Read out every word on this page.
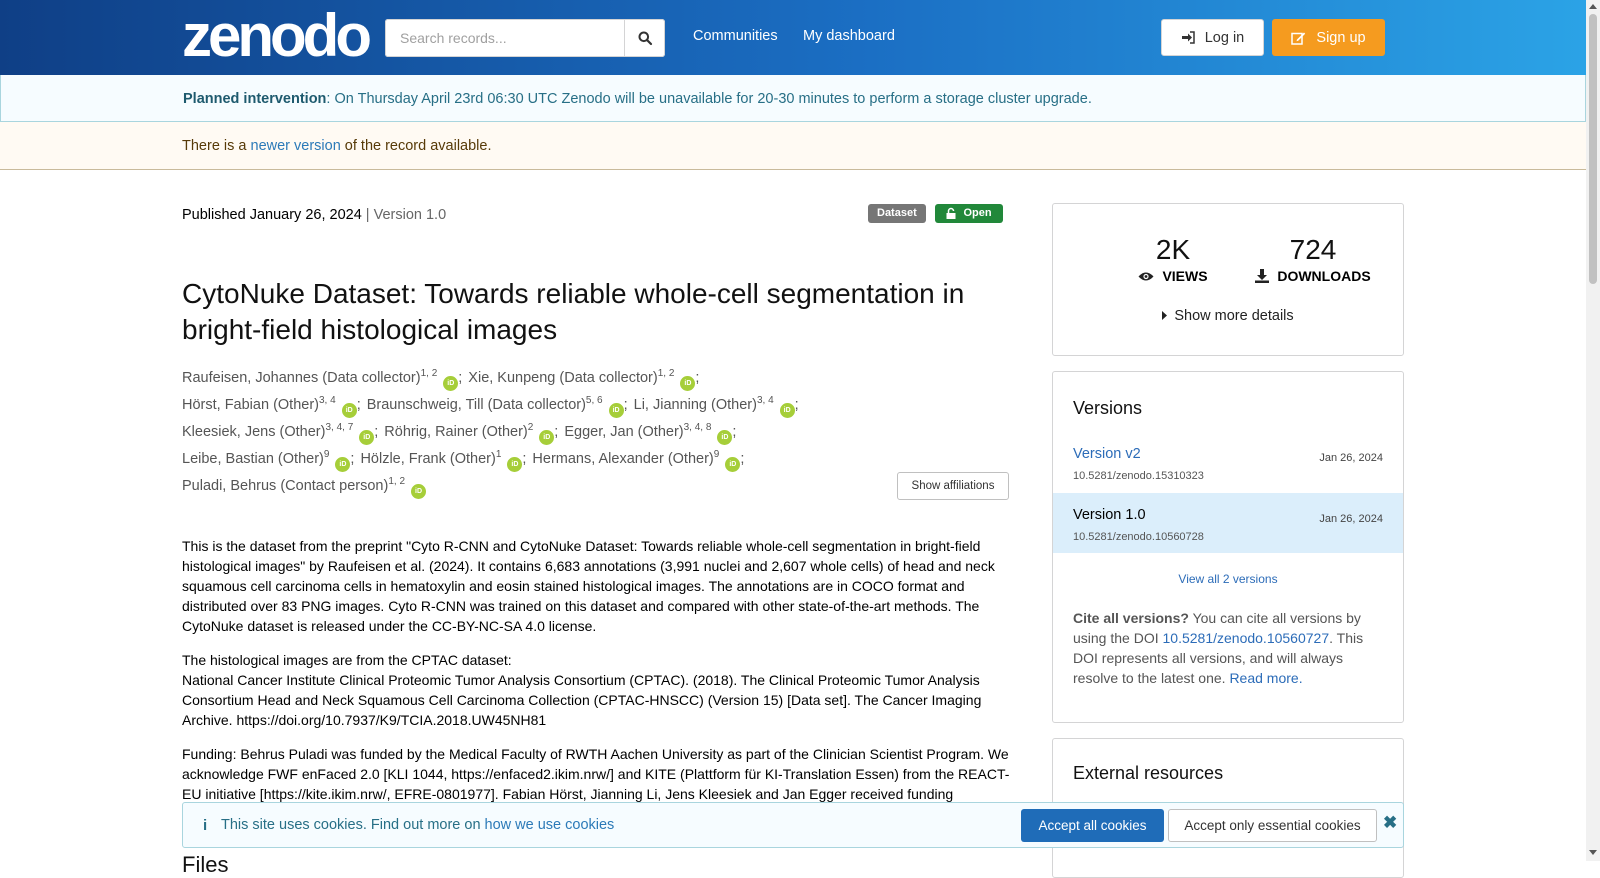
zenodo
Search records...	Communities My dashboard	Log in	Sign up
Planned intervention: On Thursday April 23rd 06:30 UTC Zenodo will be unavailable for 20-30 minutes to perform a storage cluster upgrade.
There is a newer version of the record available.
Published January 26, 2024 | Version 1.0	Dataset	Open
CytoNuke Dataset: Towards reliable whole-cell segmentation in bright-field histological images
Raufeisen, Johannes (Data collector)$^{1, 2}$iD ; Xie, Kunpeng (Data collector)$^{1, 2}$iD ;
Hörst, Fabian (Other)$^{3, 4}$iD ; Braunschweig, Till (Data collector)$^{5, 6}$iD ; Li, Jianning (Other)$^{3, 4}$iD ;
Kleesiek, Jens (Other)$^{3, 4, 7}$iD ; Röhrig, Rainer (Other)$^2$iD ; Egger, Jan (Other)$^{3, 4, 8}$iD ;
Leibe, Bastian (Other)$^9$iD ; Hölzle, Frank (Other)$^1$iD ; Hermans, Alexander (Other)$^9$iD ;
Puladi, Behrus (Contact person)$^{1, 2}$iD	Show affiliations

This is the dataset from the preprint "Cyto R-CNN and CytoNuke Dataset: Towards reliable whole-cell segmentation in bright-field histological images" by Raufeisen et al. (2024). It contains 6,683 annotations (3,991 nuclei and 2,607 whole cells) of head and neck squamous cell carcinoma cells in hematoxylin and eosin stained histological images. The annotations are in COCO format and distributed over 83 PNG images. Cyto R-CNN was trained on this dataset and compared with other state-of-the-art methods. The CytoNuke dataset is released under the CC-BY-NC-SA 4.0 license.

The histological images are from the CPTAC dataset:

National Cancer Institute Clinical Proteomic Tumor Analysis Consortium (CPTAC). (2018). The Clinical Proteomic Tumor Analysis Consortium Head and Neck Squamous Cell Carcinoma Collection (CPTAC-HNSCC) (Version 15) [Data set]. The Cancer Imaging Archive. https://doi.org/10.7937/K9/TCIA.2018.UW45NH81

Funding: Behrus Puladi was funded by the Medical Faculty of RWTH Aachen University as part of the Clinician Scientist Program. We acknowledge FWF enFaced 2.0 [KLI 1044, https://enfaced2.ikim.nrw/] and KITE (Plattform für KI-Translation Essen) from the REACT-EU initiative [https://kite.ikim.nrw/, EFRE-0801977]. Fabian Hörst, Jianning Li, Jens Kleesiek and Jan Egger received funding

Files
2K
VIEWS
724
DOWNLOADS
Show more details
Versions
Version v2	Jan 26, 2024
10.5281/zenodo.15310323
Version 1.0	Jan 26, 2024
10.5281/zenodo.10560728
View all 2 versions
Cite all versions? You can cite all versions by using the DOI 10.5281/zenodo.10560727. This DOI represents all versions, and will always resolve to the latest one. Read more.
External resources
i This site uses cookies. Find out more on how we use cookies	Accept all cookies	Accept only essential cookies	✖
